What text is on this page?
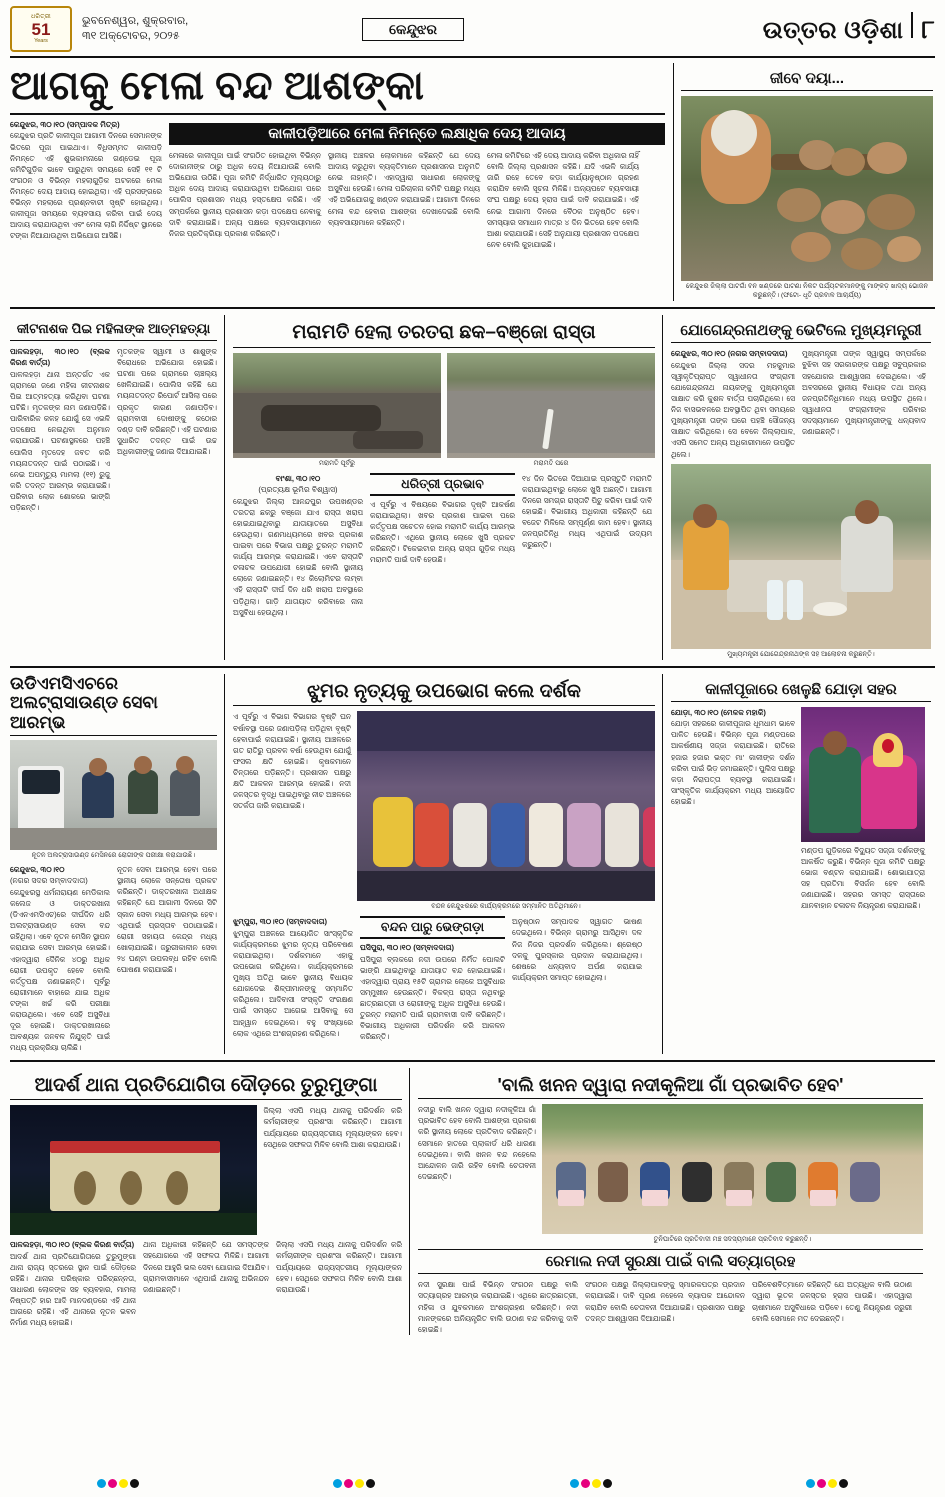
ଧରିତ୍ରୀ
51
Years
ଭୁବନେଶ୍ୱର, ଶୁକ୍ରବାର,
୩୧ ଅକ୍ଟୋବର, ୨୦୨୫	କେନ୍ଦୁଝର	ଉତ୍ତର ଓଡ଼ିଶା ୮
ଆଗକୁ ମେଳା ବନ୍ଦ ଆଶଙ୍କା
କେନ୍ଦୁଝର, ୩୦।୧୦ (ସମ୍ପାଦକ ମିତ୍ର)
କେନ୍ଦୁଝର ପ୍ରତି କାଳୀପୂଜା ଆଗାମୀ ଦିନରେ ସେମାନଙ୍କ ଭିତରେ ପୂଜା ପାଇଥାଏ। ବିଧିସମ୍ମତ କାଳୀପଡ଼ି ନିମନ୍ତେ ଏହି ଶୁଭକାମନାରେ ଗଣ୍ଡେଇ ପୂଜା କମିଟିଗୁଡ଼ିକ ଭାବେ ପାରୁଥିବା ସମୟରେ ସେହି ୧୧ ଟି ସଂଗଠନ ଓ ବିଭିନ୍ନ ମହଲାଗୁଡ଼ିକ ଅଟକରେ ମେଳା ନିମନ୍ତେ ଦେୟ ଆଦାୟ ହୋଇଥିଲା। ଏହି ପ୍ରସଙ୍ଗରେ ବିଭିନ୍ନ ମହଲାରେ ପ୍ରଶ୍ନବାଚୀ ସୃଷ୍ଟି ହୋଇଥିଲା। କାଳୀପୂଜା ସମୟରେ ବ୍ୟବସାୟ କରିବା ପାଇଁ ଦେୟ ଆଦାୟ କରାଯାଉଥିବା ଏବଂ ମେଳା ଲାଗି ନିର୍ଦ୍ଦିଷ୍ଟ ସ୍ଥାନରେ ଟଙ୍କା ନିଆଯାଉଥିବା ଅଭିଯୋଗ ଆସିଛି।
କାଳୀପଡ଼ିଆରେ ମେଳା ନିମନ୍ତେ ଲକ୍ଷାଧିକ ଦେୟ ଆଦାୟ
ମେଳାରେ କାଳୀପୂଜା ପାଇଁ ସଂଗଠିତ ହୋଇଥିବା ବିଭିନ୍ନ ଦୋକାନୀଙ୍କ ଠାରୁ ଅଧିକ ଦେୟ ନିଆଯାଉଛି ବୋଲି ଅଭିଯୋଗ ଉଠିଛି। ପୂଜା କମିଟି ନିର୍ଦ୍ଧାରିତ ମୂଲ୍ୟଠାରୁ ଅଧିକ ଦେୟ ଆଦାୟ କରାଯାଉଥିବା ଅଭିଯୋଗ ପରେ ପୋଲିସ ପ୍ରଶାସନ ମଧ୍ୟ ହସ୍ତକ୍ଷେପ କରିଛି। ଏହି ସମ୍ପର୍କରେ ସ୍ଥାନୀୟ ପ୍ରଶାସନ କଡ଼ା ପଦକ୍ଷେପ ନେବାକୁ ଦାବି କରାଯାଇଛି। ଅନ୍ୟ ପକ୍ଷରେ ବ୍ୟବସାୟୀମାନେ ନିଜର ପ୍ରତିକ୍ରିୟା ପ୍ରକାଶ କରିଛନ୍ତି।
ସ୍ଥାନୀୟ ଅଞ୍ଚଳର ଲୋକମାନେ କହିଛନ୍ତି ଯେ ଦେୟ ଆଦାୟ କରୁଥିବା ବ୍ୟକ୍ତିମାନେ ପ୍ରଶାସନର ଅନୁମତି ନେଇ ନାହାନ୍ତି। ଏହାଦ୍ୱାରା ସାଧାରଣ ଲୋକଙ୍କୁ ଅସୁବିଧା ହେଉଛି। ମେଳା ପରିଚାଳନା କମିଟି ପକ୍ଷରୁ ମଧ୍ୟ ଏହି ଅଭିଯୋଗକୁ ଖଣ୍ଡନ କରାଯାଇଛି। ଆଗାମୀ ଦିନରେ ମେଳା ବନ୍ଦ ହେବାର ଆଶଙ୍କା ଦେଖାଦେଇଛି ବୋଲି ବ୍ୟବସାୟୀମାନେ କହିଛନ୍ତି।
ମେଳା କମିଟିରେ ଏହି ଦେୟ ଆଦାୟ କରିବା ଅଧିକାର ନାହିଁ ବୋଲି ଜିଲ୍ଲା ପ୍ରଶାସନ କହିଛି। ଯଦି ଏଭଳି କାର୍ଯ୍ୟ ଜାରି ରହେ ତେବେ କଡ଼ା କାର୍ଯ୍ୟାନୁଷ୍ଠାନ ଗ୍ରହଣ କରାଯିବ ବୋଲି ସୂଚନା ମିଳିଛି। ଅନ୍ୟପଟେ ବ୍ୟବସାୟୀ ସଂଘ ପକ୍ଷରୁ ଦେୟ ହ୍ରାସ ପାଇଁ ଦାବି କରାଯାଇଛି। ଏହି ନେଇ ଆଗାମୀ ଦିନରେ ବୈଠକ ଅନୁଷ୍ଠିତ ହେବ। ସମସ୍ୟାର ସମାଧାନ ମାତ୍ର ୪ ଦିନ ଭିତରେ ହେବ ବୋଲି ଆଶା କରାଯାଉଛି। ସେହି ଅନୁଯାୟୀ ପ୍ରଶାସନ ପଦକ୍ଷେପ ନେବ ବୋଲି କୁହାଯାଇଛି।
ଜୀବେ ଦୟା...
କେନ୍ଦୁଝର ଜିଲ୍ଲା ଘାଟଗାଁ ବନ ଖଣ୍ଡରେ ପାଟଣା ନିକଟ ପର୍ଯ୍ୟଟକମାନଙ୍କୁ ମାଙ୍କଡ଼ ଖାଦ୍ୟ ଭୋଜନ କରୁଛନ୍ତି। (ଫଟୋ- ଧୃତି ପ୍ରବାଳ ଆଚାର୍ଯ୍ୟ)
କୀଟନାଶକ ପିଇ ମହିଳାଙ୍କ ଆତ୍ମହତ୍ୟା
ପାଳଲହଡ଼ା, ୩୦।୧୦ (ବ୍ଲକ କିରଣ ବାର୍ତ୍ତା)
ପାଳଲହଡ଼ା ଥାନା ଅନ୍ତର୍ଗତ ଏକ ଗ୍ରାମରେ ଜଣେ ମହିଳା କୀଟନାଶକ ପିଇ ଆତ୍ମହତ୍ୟା କରିଥିବା ଘଟଣା ଘଟିଛି। ମୃତକଙ୍କ ନାମ ଜଣାପଡ଼ିଛି। ପାରିବାରିକ କଳହ ଯୋଗୁଁ ସେ ଏଭଳି ପଦକ୍ଷେପ ନେଇଥିବା ଅନୁମାନ କରାଯାଉଛି। ଘଟଣାସ୍ଥଳରେ ପହଞ୍ଚି ପୋଲିସ ମୃତଦେହ ଜବତ କରି ମୟନାତଦନ୍ତ ପାଇଁ ପଠାଇଛି। ଏ ନେଇ ଅପମୃତ୍ୟୁ ମାମଲା (୧୧) ରୁଜୁ କରି ତଦନ୍ତ ଆରମ୍ଭ କରାଯାଇଛି। ପରିବାର ଲୋକ ଶୋକରେ ଭାଙ୍ଗି ପଡ଼ିଛନ୍ତି।
ମୃତକଙ୍କ ସ୍ୱାମୀ ଓ ଶାଶୁଙ୍କ ବିରୋଧରେ ଅଭିଯୋଗ ହୋଇଛି। ଘଟଣା ପରେ ଗ୍ରାମରେ ଚାଞ୍ଚଲ୍ୟ ଖେଳିଯାଇଛି। ପୋଲିସ କହିଛି ଯେ ମୟନାତଦନ୍ତ ରିପୋର୍ଟ ଆସିଲା ପରେ ପ୍ରକୃତ କାରଣ ଜଣାପଡ଼ିବ। ଗ୍ରାମବାସୀ ଦୋଷୀଙ୍କୁ କଠୋର ଦଣ୍ଡ ଦାବି କରିଛନ୍ତି। ଏହି ଘଟଣାର ସୁଧାରିତ ତଦନ୍ତ ପାଇଁ ଉଚ୍ଚ ଅଧିକାରୀଙ୍କୁ ଜଣାଇ ଦିଆଯାଇଛି।
ମରାମତି ହେଲା ତରତରା ଛକ–ବଞ୍ଜୋ ରାସ୍ତା
ମରାମତି ପୂର୍ବରୁ	ମରାମତି ପରେ
ବାଂଶା, ୩୦।୧୦
(ପ୍ରତ୍ୟକ୍ଷ ଭୂମିର ବିଶ୍ୱାସ)
କେନ୍ଦୁଝର ଜିଲ୍ଲା ଆନନ୍ଦପୁର ଉପଖଣ୍ଡର ତରତରା ଛକରୁ ବଞ୍ଜୋ ଯାଏ ରାସ୍ତା ଖରାପ ହୋଇଯାଇଥିବାରୁ ଯାତାୟାତରେ ଅସୁବିଧା ହେଉଥିଲା। ଗଣମାଧ୍ୟମରେ ଖବର ପ୍ରକାଶ ପାଇବା ପରେ ବିଭାଗ ପକ୍ଷରୁ ତୁରନ୍ତ ମରାମତି କାର୍ଯ୍ୟ ଆରମ୍ଭ କରାଯାଇଛି। ଏବେ ରାସ୍ତାଟି ଚଳାଚଳ ଉପଯୋଗୀ ହୋଇଛି ବୋଲି ସ୍ଥାନୀୟ ଲୋକେ ଜଣାଇଛନ୍ତି। ୧୪ କିଲୋମିଟର ଲମ୍ବା ଏହି ରାସ୍ତାଟି ଦୀର୍ଘ ଦିନ ଧରି ଖରାପ ଅବସ୍ଥାରେ ପଡ଼ିଥିଲା। ଗାଡ଼ି ଯାତାୟାତ କରିବାରେ ନାନା ଅସୁବିଧା ହେଉଥିଲା।
ଧରିତ୍ରୀ ପ୍ରଭାବ
ଏ ପୂର୍ବରୁ ଏ ବିଷୟରେ ବିଭାଗର ଦୃଷ୍ଟି ଆକର୍ଷଣ କରାଯାଇଥିଲା। ଖବର ପ୍ରକାଶ ପାଇବା ପରେ କର୍ତ୍ତୃପକ୍ଷ ସଚେତନ ହୋଇ ମରାମତି କାର୍ଯ୍ୟ ଆରମ୍ଭ କରିଛନ୍ତି। ଏଥିରେ ସ୍ଥାନୀୟ ଲୋକେ ଖୁସି ପ୍ରକଟ କରିଛନ୍ତି। ଟିକେଇଟାର ଅନ୍ୟ ରାସ୍ତା ଗୁଡ଼ିକ ମଧ୍ୟ ମରାମତି ପାଇଁ ଦାବି ହେଉଛି।
୧୪ ଦିନ ଭିତରେ ଦିଆଯାଇ ପ୍ରସ୍ତୁତି ମରାମତି କରାଯାଇଥିବାରୁ ଲୋକେ ଖୁସି ଅଛନ୍ତି। ଆଗାମୀ ଦିନରେ ସମଗ୍ର ରାସ୍ତାଟି ପିଚୁ କରିବା ପାଇଁ ଦାବି ହୋଇଛି। ବିଭାଗୀୟ ଅଧିକାରୀ କହିଛନ୍ତି ଯେ ବଜେଟ ମିଳିଲେ ସମ୍ପୂର୍ଣ୍ଣ କାମ ହେବ। ସ୍ଥାନୀୟ ଜନପ୍ରତିନିଧି ମଧ୍ୟ ଏଥିପାଇଁ ଉଦ୍ୟମ କରୁଛନ୍ତି।
ଯୋଗେନ୍ଦ୍ରନାଥଙ୍କୁ ଭେଟିଲେ ମୁଖ୍ୟମନ୍ତ୍ରୀ
କେନ୍ଦୁଝର, ୩୦।୧୦ (ନଗର ସମ୍ବାଦଦାତା)
କେନ୍ଦୁଝର ଜିଲ୍ଲା ସଦର ମହକୁମାର ସ୍ୱୀକୃତିପ୍ରାପ୍ତ ସ୍ୱାଧୀନତା ସଂଗ୍ରାମୀ ଯୋଗେନ୍ଦ୍ରନାଥ ନାୟକଙ୍କୁ ମୁଖ୍ୟମନ୍ତ୍ରୀ ସାକ୍ଷାତ କରି କୁଶଳ ବାର୍ତ୍ତା ପଚାରିଥିଲେ। ସେ ନିଜ ବାସଭବନରେ ଅବସ୍ଥାପିତ ଥିବା ସମୟରେ ମୁଖ୍ୟମନ୍ତ୍ରୀ ତାଙ୍କ ଘରେ ପହଞ୍ଚି ସୌଜନ୍ୟ ସାକ୍ଷାତ କରିଥିଲେ। ସେ ବେଳେ ଜିଲ୍ଲାପାଳ, ଏସପି ସମେତ ଅନ୍ୟ ଅଧିକାରୀମାନେ ଉପସ୍ଥିତ ଥିଲେ।
ମୁଖ୍ୟମନ୍ତ୍ରୀ ତାଙ୍କ ସ୍ୱାସ୍ଥ୍ୟ ସମ୍ପର୍କରେ ବୁଝିବା ସହ ସରକାରଙ୍କ ପକ୍ଷରୁ ସବୁପ୍ରକାର ସହଯୋଗର ଆଶ୍ୱାସନା ଦେଇଥିଲେ। ଏହି ଅବସରରେ ସ୍ଥାନୀୟ ବିଧାୟକ ତଥା ଅନ୍ୟ ଜନପ୍ରତିନିଧିମାନେ ମଧ୍ୟ ଉପସ୍ଥିତ ଥିଲେ। ସ୍ୱାଧୀନତା ସଂଗ୍ରାମୀଙ୍କ ପରିବାର ସଦସ୍ୟମାନେ ମୁଖ୍ୟମନ୍ତ୍ରୀଙ୍କୁ ଧନ୍ୟବାଦ ଜଣାଇଛନ୍ତି।
ମୁଖ୍ୟମନ୍ତ୍ରୀ ଯୋଗେନ୍ଦ୍ରନାଥଙ୍କ ସହ ଆଲୋଚନା କରୁଛନ୍ତି।
ଉଡିଏମସିଏଚରେ
ଅଲଟ୍ରାସାଉଣ୍ଡ ସେବା ଆରମ୍ଭ
ନୂତନ ଅଲଟ୍ରାସାଉଣ୍ଡ ମେସିନରେ ରୋଗୀଙ୍କ ପରୀକ୍ଷା କରାଯାଉଛି।
କେନ୍ଦୁଝର, ୩୦।୧୦
(ନଗର ସଦର ସମ୍ବାଦଦାତା)
କେନ୍ଦୁଝରସ୍ଥ ଧର୍ମନାରାୟଣ ମେଡିକାଲ କଲେଜ ଓ ଡାକ୍ତରଖାନା (ଡିଏନଏମସିଏଚ)ରେ ଦୀର୍ଘଦିନ ଧରି ଅଲଟ୍ରାସାଉଣ୍ଡ ସେବା ବନ୍ଦ ରହିଥିଲା। ଏବେ ନୂତନ ମେସିନ ସ୍ଥାପନ କରାଯାଇ ସେବା ଆରମ୍ଭ ହୋଇଛି। ଏହାଦ୍ୱାରା ଦୈନିକ ୪୦ରୁ ଅଧିକ ରୋଗୀ ଉପକୃତ ହେବେ ବୋଲି କର୍ତ୍ତୃପକ୍ଷ ଜଣାଇଛନ୍ତି। ପୂର୍ବରୁ ରୋଗୀମାନେ ବାହାରେ ଯାଇ ଅଧିକ ଟଙ୍କା ଖର୍ଚ୍ଚ କରି ପରୀକ୍ଷା କରାଉଥିଲେ। ଏବେ ସେହି ଅସୁବିଧା ଦୂର ହୋଇଛି। ଡାକ୍ତରଖାନାରେ ଆବଶ୍ୟକ ଜନବଳ ନିଯୁକ୍ତି ପାଇଁ ମଧ୍ୟ ପ୍ରକ୍ରିୟା ଚାଲିଛି।
ନୂତନ ସେବା ଆରମ୍ଭ ହେବା ପରେ ସ୍ଥାନୀୟ ଲୋକେ ସନ୍ତୋଷ ପ୍ରକଟ କରିଛନ୍ତି। ଡାକ୍ତରଖାନା ଅଧୀକ୍ଷକ କହିଛନ୍ତି ଯେ ଆଗାମୀ ଦିନରେ ସିଟି ସ୍କାନ ସେବା ମଧ୍ୟ ଆରମ୍ଭ ହେବ। ଏଥିପାଇଁ ପ୍ରସ୍ତାବ ପଠାଯାଇଛି। ରୋଗୀ ସହାୟତା କେନ୍ଦ୍ର ମଧ୍ୟ ଖୋଲାଯାଇଛି। ଜରୁରୀକାଳୀନ ସେବା ୨୪ ଘଣ୍ଟା ଉପଲବ୍ଧ ରହିବ ବୋଲି ଘୋଷଣା କରାଯାଇଛି।
ଝୁମର ନୃତ୍ୟକୁ ଉପଭୋଗ କଲେ ଦର୍ଶକ
ଏ ପୂର୍ବରୁ ଏ ବିଭାଗ ବିଭାଗର ବୃଷ୍ଟି ଘନ ବର୍ଷାବସ୍ଥା ପରେ ଜଣାପଡ଼ିଲା ପଡ଼ିଥିବା ବୃଷ୍ଟି ହେବାପାଇଁ କରାଯାଇଛି। ସ୍ଥାନୀୟ ଆଞ୍ଚଳରେ ଗତ ରାତିରୁ ପ୍ରବଳ ବର୍ଷା ହେଉଥିବା ଯୋଗୁଁ ଫସଲ କ୍ଷତି ହୋଇଛି। କୃଷକମାନେ ଚିନ୍ତାରେ ପଡ଼ିଛନ୍ତି। ପ୍ରଶାସନ ପକ୍ଷରୁ କ୍ଷତି ଆକଳନ ଆରମ୍ଭ ହୋଇଛି। ନଦୀ ଜଳସ୍ତର ବୃଦ୍ଧି ପାଇଥିବାରୁ ନୀଚ ଅଞ୍ଚଳରେ ସତର୍କତା ଜାରି କରାଯାଇଛି।
ବନ୍ଦନ କେନ୍ଦୁଝରରେ କାର୍ଯ୍ୟକ୍ରମରେ ସମ୍ମାନିତ ଅତିଥିମାନେ।
ଝୁମ୍ପୁରା, ୩୦।୧୦ (ସମ୍ବାଦଦାତା)
ଝୁମ୍ପୁରା ଅଞ୍ଚଳରେ ଆୟୋଜିତ ସାଂସ୍କୃତିକ କାର୍ଯ୍ୟକ୍ରମରେ ଝୁମର ନୃତ୍ୟ ପରିବେଷଣ କରାଯାଇଥିଲା। ଦର୍ଶକମାନେ ଏହାକୁ ଉପଭୋଗ କରିଥିଲେ। କାର୍ଯ୍ୟକ୍ରମରେ ମୁଖ୍ୟ ଅତିଥି ଭାବେ ସ୍ଥାନୀୟ ବିଧାୟକ ଯୋଗଦେଇ ଶିଳ୍ପୀମାନଙ୍କୁ ସମ୍ମାନିତ କରିଥିଲେ। ଆଦିବାସୀ ସଂସ୍କୃତି ସଂରକ୍ଷଣ ପାଇଁ ସମସ୍ତେ ଆଗେଇ ଆସିବାକୁ ସେ ଆହ୍ୱାନ ଦେଇଥିଲେ। ବହୁ ସଂଖ୍ୟାରେ ଲୋକ ଏଥିରେ ଅଂଶଗ୍ରହଣ କରିଥିଲେ।
ବନ୍ଦନ ପାରୁ ଭେଙ୍ଗଡ଼ା
ଘସିପୁରା, ୩୦।୧୦ (ସମ୍ବାଦଦାତା)
ଘସିପୁରା ବ୍ଲକରେ ନଦୀ ଉପରେ ନିର୍ମିତ ପୋଲଟି ଭାଙ୍ଗି ଯାଇଥିବାରୁ ଯାତାୟାତ ବନ୍ଦ ହୋଇଯାଇଛି। ଏହାଦ୍ୱାରା ପ୍ରାୟ ୧୫ଟି ଗ୍ରାମର ଲୋକେ ଅସୁବିଧାର ସମ୍ମୁଖୀନ ହେଉଛନ୍ତି। ବିକଳ୍ପ ରାସ୍ତା ନଥିବାରୁ ଛାତ୍ରଛାତ୍ରୀ ଓ ରୋଗୀଙ୍କୁ ଅଧିକ ଅସୁବିଧା ହେଉଛି। ତୁରନ୍ତ ମରାମତି ପାଇଁ ଗ୍ରାମବାସୀ ଦାବି କରିଛନ୍ତି। ବିଭାଗୀୟ ଅଧିକାରୀ ପରିଦର୍ଶନ କରି ଆକଳନ କରିଛନ୍ତି।
ଅନୁଷ୍ଠାନ ସମ୍ପାଦକ ସ୍ୱାଗତ ଭାଷଣ ଦେଇଥିଲେ। ବିଭିନ୍ନ ଗ୍ରାମରୁ ଆସିଥିବା ଦଳ ନିଜ ନିଜର ପ୍ରଦର୍ଶନ କରିଥିଲେ। ଶ୍ରେଷ୍ଠ ଦଳକୁ ପୁରସ୍କାର ପ୍ରଦାନ କରାଯାଇଥିଲା। ଶେଷରେ ଧନ୍ୟବାଦ ଅର୍ପଣ କରାଯାଇ କାର୍ଯ୍ୟକ୍ରମ ସମାପ୍ତ ହୋଇଥିଲା।
କାଳୀପୂଜାରେ ଖେଳୁଛି ଯୋଡ଼ା ସହର
ଯୋଡ଼ା, ୩୦।୧୦ (ମେଳକ ମହାକି)
ଯୋଡ଼ା ସହରରେ କାଳୀପୂଜାର ଧୂମଧାମ ଭାବେ ପାଳିତ ହେଉଛି। ବିଭିନ୍ନ ପୂଜା ମଣ୍ଡପରେ ଆକର୍ଷଣୀୟ ସଜ୍ଜା କରାଯାଇଛି। ରାତିରେ ହଜାର ହଜାର ଭକ୍ତ ମା' କାଳୀଙ୍କ ଦର୍ଶନ କରିବା ପାଇଁ ଭିଡ଼ ଜମାଇଛନ୍ତି। ପୁଲିସ ପକ୍ଷରୁ କଡ଼ା ନିରାପତ୍ତା ବ୍ୟବସ୍ଥା କରାଯାଇଛି। ସାଂସ୍କୃତିକ କାର୍ଯ୍ୟକ୍ରମ ମଧ୍ୟ ଆୟୋଜିତ ହୋଇଛି।
ମଣ୍ଡପ ଗୁଡ଼ିକରେ ବିଦ୍ୟୁତ ସଜ୍ଜା ଦର୍ଶକଙ୍କୁ ଆକର୍ଷିତ କରୁଛି। ବିଭିନ୍ନ ପୂଜା କମିଟି ପକ୍ଷରୁ ଭୋଗ ବଣ୍ଟନ କରାଯାଇଛି। ଶୋଭାଯାତ୍ରା ସହ ପ୍ରତିମା ବିସର୍ଜନ ହେବ ବୋଲି ଜଣାଯାଇଛି। ସହରର ସମସ୍ତ ରାସ୍ତାରେ ଯାନବାହାନ ଚଳାଚଳ ନିୟନ୍ତ୍ରଣ କରାଯାଇଛି।
ଆଦର୍ଶ ଥାନା ପ୍ରତିଯୋଗିତା ଦୌଡ଼ରେ ତୁରୁମୁଙ୍ଗା
ଜିଲ୍ଲା ଏସପି ମଧ୍ୟ ଥାନାକୁ ପରିଦର୍ଶନ କରି କର୍ମଚାରୀଙ୍କ ପ୍ରଶଂସା କରିଛନ୍ତି। ଆଗାମୀ ପର୍ଯ୍ୟାୟରେ ରାଜ୍ୟସ୍ତରୀୟ ମୂଲ୍ୟାଙ୍କନ ହେବ। ସେଥିରେ ସଫଳତା ମିଳିବ ବୋଲି ଆଶା କରାଯାଉଛି।
ପାଳଲହଡ଼ା, ୩୦।୧୦ (ବ୍ଲକ କିରଣ ବାର୍ତ୍ତା)
ଆଦର୍ଶ ଥାନା ପ୍ରତିଯୋଗିତାରେ ତୁରୁମୁଙ୍ଗା ଥାନା ରାଜ୍ୟ ସ୍ତରରେ ସ୍ଥାନ ପାଇଁ ଦୌଡ଼ରେ ରହିଛି। ଥାନାର ପରିଷ୍କାର ପରିଚ୍ଛନ୍ନତା, ସାଧାରଣ ଲୋକଙ୍କ ସହ ବ୍ୟବହାର, ମାମଲା ନିଷ୍ପତ୍ତି ହାର ଆଦି ମାନଦଣ୍ଡରେ ଏହି ଥାନା ଆଗରେ ରହିଛି। ଏହି ଥାନାରେ ନୂତନ ଭବନ ନିର୍ମାଣ ମଧ୍ୟ ହୋଇଛି।
ଥାନା ଅଧିକାରୀ କହିଛନ୍ତି ଯେ ସମସ୍ତଙ୍କ ସହଯୋଗରେ ଏହି ସଫଳତା ମିଳିଛି। ଆଗାମୀ ଦିନରେ ଆହୁରି ଭଲ ସେବା ଯୋଗାଇ ଦିଆଯିବ। ଗ୍ରାମବାସୀମାନେ ଏଥିପାଇଁ ଥାନାକୁ ଅଭିନନ୍ଦନ ଜଣାଇଛନ୍ତି।
ଜିଲ୍ଲା ଏସପି ମଧ୍ୟ ଥାନାକୁ ପରିଦର୍ଶନ କରି କର୍ମଚାରୀଙ୍କ ପ୍ରଶଂସା କରିଛନ୍ତି। ଆଗାମୀ ପର୍ଯ୍ୟାୟରେ ରାଜ୍ୟସ୍ତରୀୟ ମୂଲ୍ୟାଙ୍କନ ହେବ। ସେଥିରେ ସଫଳତା ମିଳିବ ବୋଲି ଆଶା କରାଯାଉଛି।
'ବାଲି ଖନନ ଦ୍ୱାରା ନଦୀକୂଳିଆ ଗାଁ ପ୍ରଭାବିତ ହେବ'
ନଦୀରୁ ବାଲି ଖନନ ଦ୍ୱାରା ନଦୀକୂଳିଆ ଗାଁ ପ୍ରଭାବିତ ହେବ ବୋଲି ଆଶଙ୍କା ପ୍ରକାଶ କରି ସ୍ଥାନୀୟ ଲୋକେ ପ୍ରତିବାଦ କରିଛନ୍ତି। ସେମାନେ ହାତରେ ପ୍ଲାକାର୍ଡ ଧରି ଧାରଣା ଦେଇଥିଲେ। ବାଲି ଖନନ ବନ୍ଦ ନହେଲେ ଆନ୍ଦୋଳନ ଜାରି ରହିବ ବୋଲି ଚେତାବନୀ ଦେଇଛନ୍ତି।
ତୁନିଘାଟିରେ ପ୍ରତିବାଦୀ ମଞ୍ଚ ସଦସ୍ୟମାନେ ପ୍ରତିବାଦ କରୁଛନ୍ତି।
ରେମାଲ ନଦୀ ସୁରକ୍ଷା ପାଇଁ ବାଲି ସତ୍ୟାଗ୍ରହ
ନଦୀ ସୁରକ୍ଷା ପାଇଁ ବିଭିନ୍ନ ସଂଗଠନ ପକ୍ଷରୁ ବାଲି ସତ୍ୟାଗ୍ରହ ଆରମ୍ଭ କରାଯାଇଛି। ଏଥିରେ ଛାତ୍ରଛାତ୍ରୀ, ମହିଳା ଓ ଯୁବକମାନେ ଅଂଶଗ୍ରହଣ କରିଛନ୍ତି। ନଦୀ ମାନଙ୍କରେ ଅନିୟନ୍ତ୍ରିତ ବାଲି ଉଠାଣ ବନ୍ଦ କରିବାକୁ ଦାବି ହୋଇଛି।
ସଂଗଠନ ପକ୍ଷରୁ ଜିଲ୍ଲାପାଳଙ୍କୁ ସ୍ମାରକପତ୍ର ପ୍ରଦାନ କରାଯାଇଛି। ଦାବି ପୂରଣ ନହେଲେ ବ୍ୟାପକ ଆନ୍ଦୋଳନ କରାଯିବ ବୋଲି ଚେତାବନୀ ଦିଆଯାଇଛି। ପ୍ରଶାସନ ପକ୍ଷରୁ ତଦନ୍ତ ଆଶ୍ୱାସନା ଦିଆଯାଇଛି।
ପରିବେଶବିତ୍‌ମାନେ କହିଛନ୍ତି ଯେ ଅତ୍ୟଧିକ ବାଲି ଉଠାଣ ଦ୍ୱାରା ଭୂତଳ ଜଳସ୍ତର ହ୍ରାସ ପାଉଛି। ଏହାଦ୍ୱାରା ଚାଷୀମାନେ ଅସୁବିଧାରେ ପଡ଼ିବେ। ତେଣୁ ନିୟନ୍ତ୍ରଣ ଜରୁରୀ ବୋଲି ସେମାନେ ମତ ଦେଇଛନ୍ତି।
